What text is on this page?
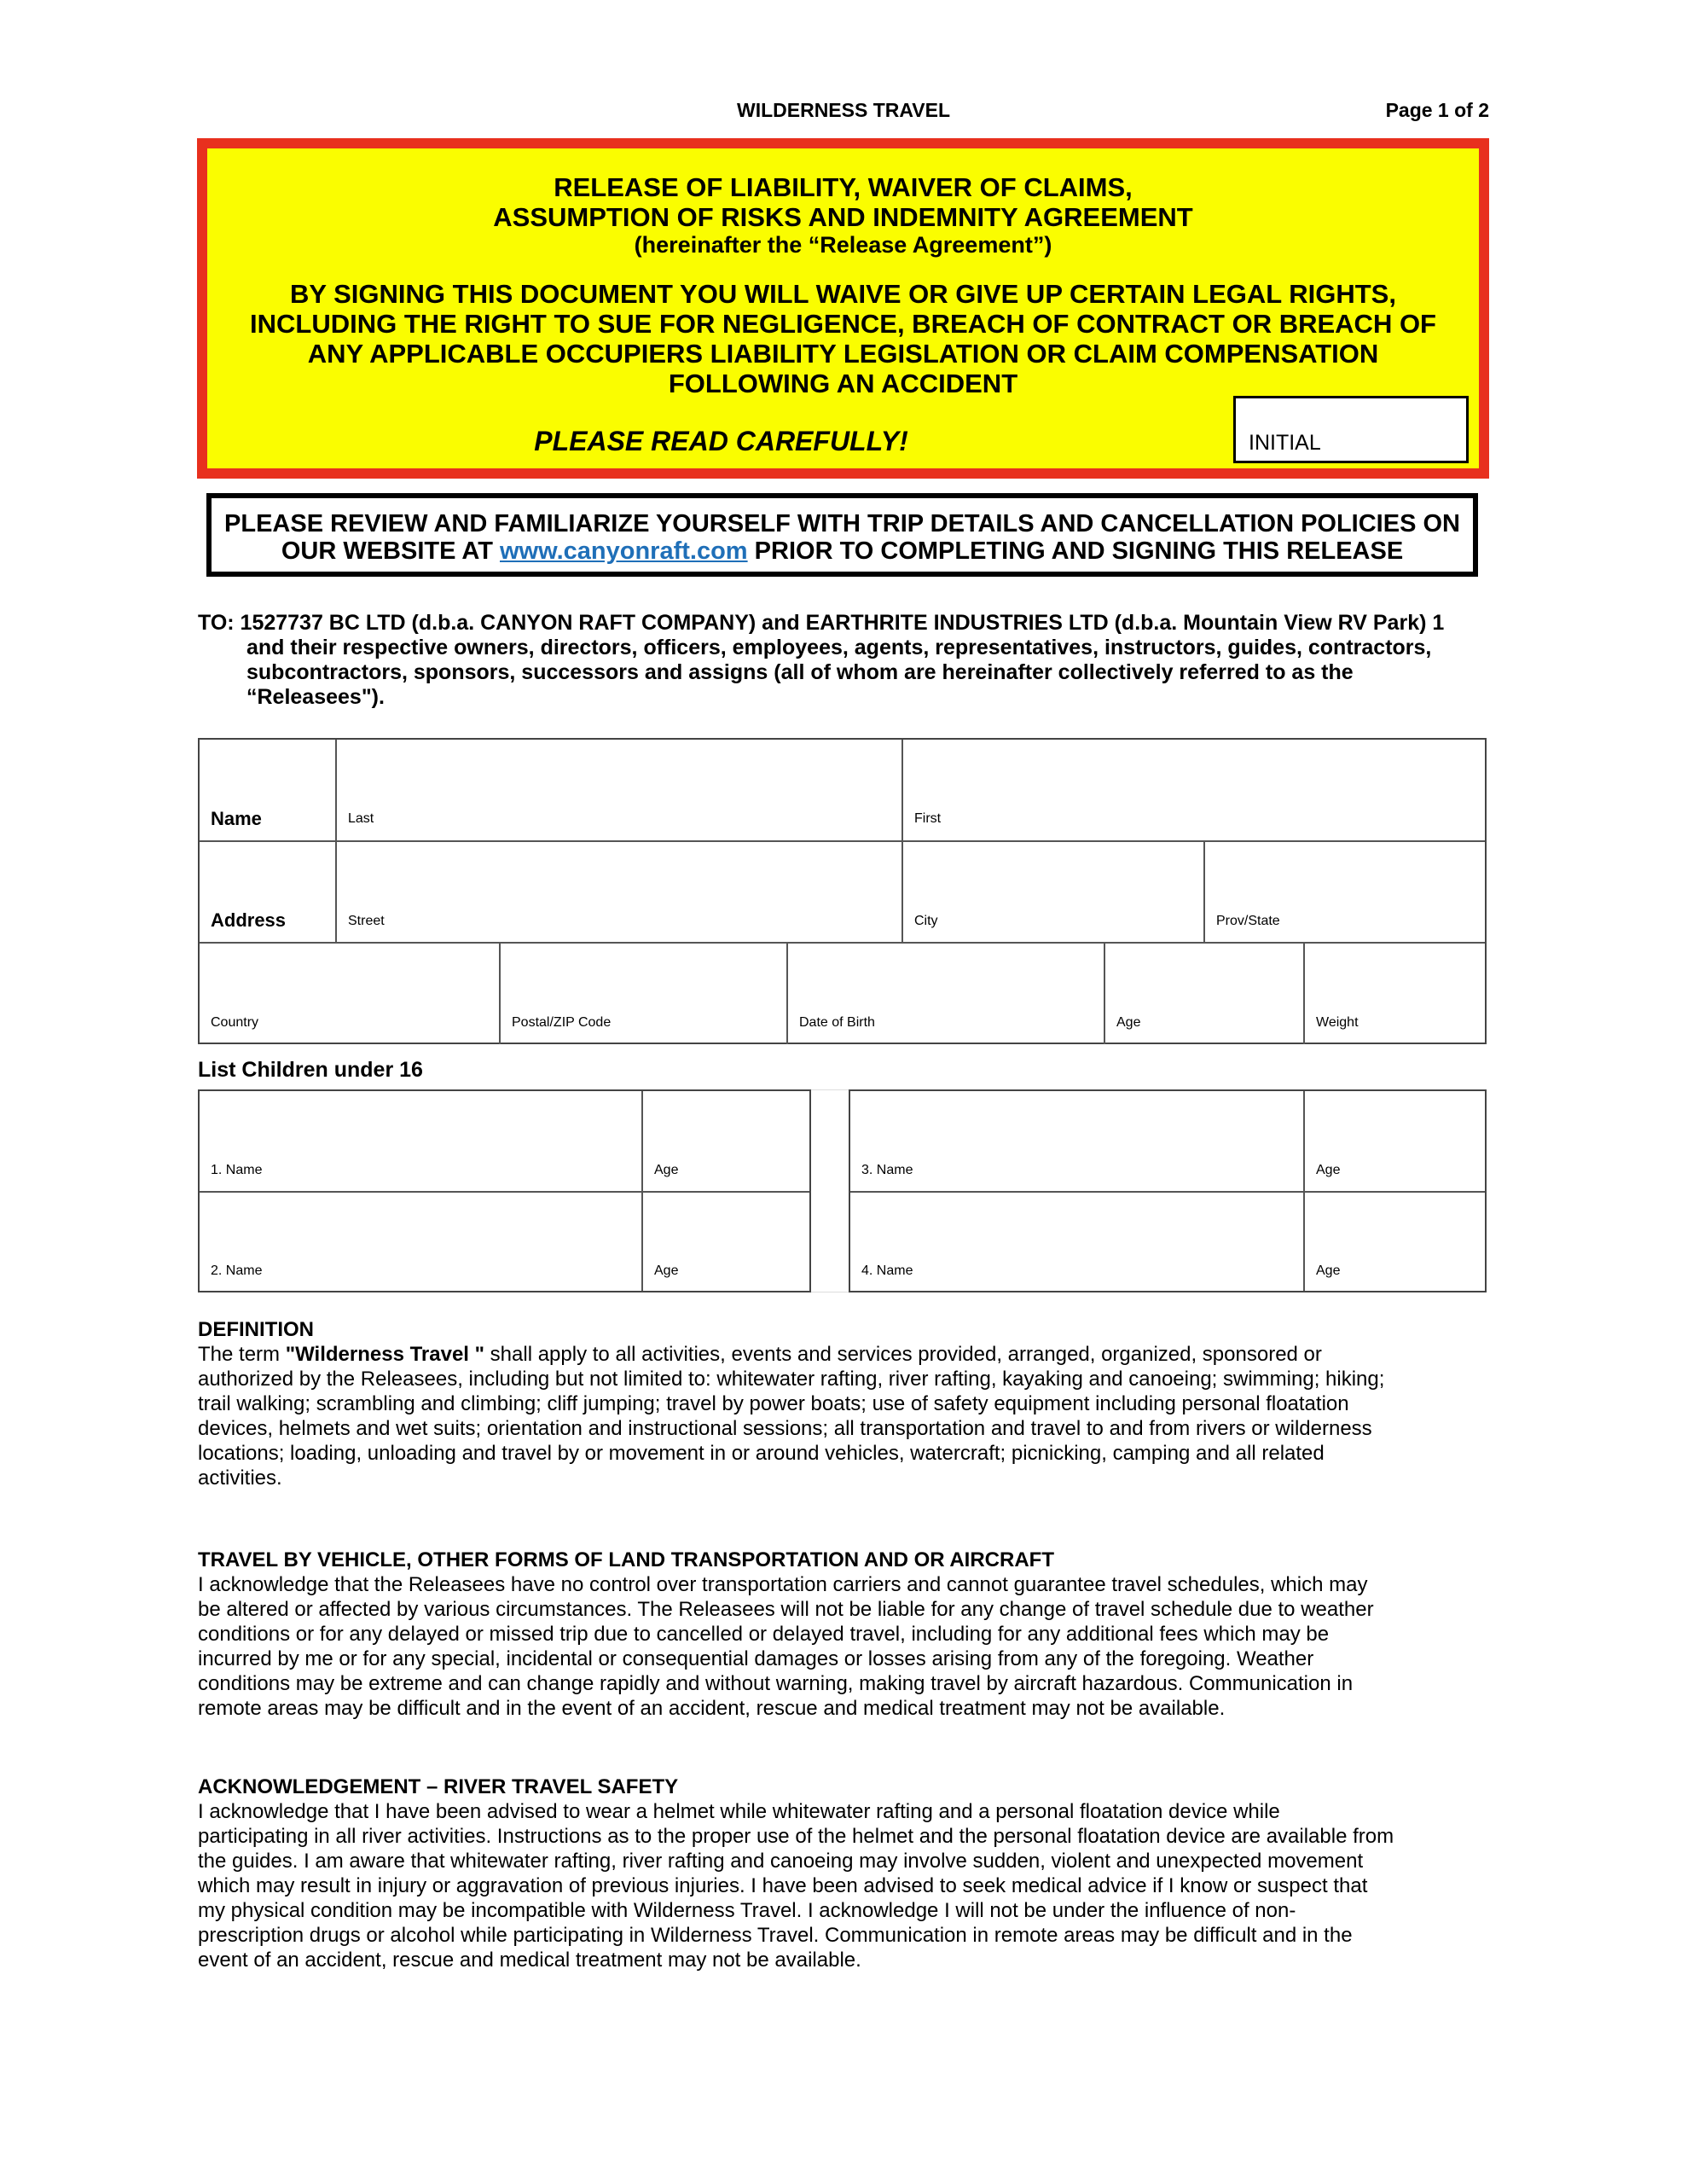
WILDERNESS TRAVEL	Page 1 of 2
RELEASE OF LIABILITY, WAIVER OF CLAIMS,
ASSUMPTION OF RISKS AND INDEMNITY AGREEMENT
(hereinafter the “Release Agreement”)
BY SIGNING THIS DOCUMENT YOU WILL WAIVE OR GIVE UP CERTAIN LEGAL RIGHTS,
INCLUDING THE RIGHT TO SUE FOR NEGLIGENCE, BREACH OF CONTRACT OR BREACH OF
ANY APPLICABLE OCCUPIERS LIABILITY LEGISLATION OR CLAIM COMPENSATION
FOLLOWING AN ACCIDENT
PLEASE READ CAREFULLY!	INITIAL
PLEASE REVIEW AND FAMILIARIZE YOURSELF WITH TRIP DETAILS AND CANCELLATION POLICIES ON
OUR WEBSITE AT www.canyonraft.com PRIOR TO COMPLETING AND SIGNING THIS RELEASE
TO: 1527737 BC LTD (d.b.a. CANYON RAFT COMPANY) and EARTHRITE INDUSTRIES LTD (d.b.a. Mountain View RV Park) 1
and their respective owners, directors, officers, employees, agents, representatives, instructors, guides, contractors,
subcontractors, sponsors, successors and assigns (all of whom are hereinafter collectively referred to as the
“Releasees").
Name	Last	First
Address	Street	City	Prov/State
Country	Postal/ZIP Code	Date of Birth	Age	Weight
List Children under 16
1. Name	Age
2. Name	Age
3. Name	Age
4. Name	Age
DEFINITION
The term "Wilderness Travel " shall apply to all activities, events and services provided, arranged, organized, sponsored or
authorized by the Releasees, including but not limited to: whitewater rafting, river rafting, kayaking and canoeing; swimming; hiking;
trail walking; scrambling and climbing; cliff jumping; travel by power boats; use of safety equipment including personal floatation
devices, helmets and wet suits; orientation and instructional sessions; all transportation and travel to and from rivers or wilderness
locations; loading, unloading and travel by or movement in or around vehicles, watercraft; picnicking, camping and all related
activities.
TRAVEL BY VEHICLE, OTHER FORMS OF LAND TRANSPORTATION AND OR AIRCRAFT
I acknowledge that the Releasees have no control over transportation carriers and cannot guarantee travel schedules, which may
be altered or affected by various circumstances. The Releasees will not be liable for any change of travel schedule due to weather
conditions or for any delayed or missed trip due to cancelled or delayed travel, including for any additional fees which may be
incurred by me or for any special, incidental or consequential damages or losses arising from any of the foregoing. Weather
conditions may be extreme and can change rapidly and without warning, making travel by aircraft hazardous. Communication in
remote areas may be difficult and in the event of an accident, rescue and medical treatment may not be available.
ACKNOWLEDGEMENT – RIVER TRAVEL SAFETY
I acknowledge that I have been advised to wear a helmet while whitewater rafting and a personal floatation device while
participating in all river activities. Instructions as to the proper use of the helmet and the personal floatation device are available from
the guides. I am aware that whitewater rafting, river rafting and canoeing may involve sudden, violent and unexpected movement
which may result in injury or aggravation of previous injuries. I have been advised to seek medical advice if I know or suspect that
my physical condition may be incompatible with Wilderness Travel. I acknowledge I will not be under the influence of non-
prescription drugs or alcohol while participating in Wilderness Travel. Communication in remote areas may be difficult and in the
event of an accident, rescue and medical treatment may not be available.
